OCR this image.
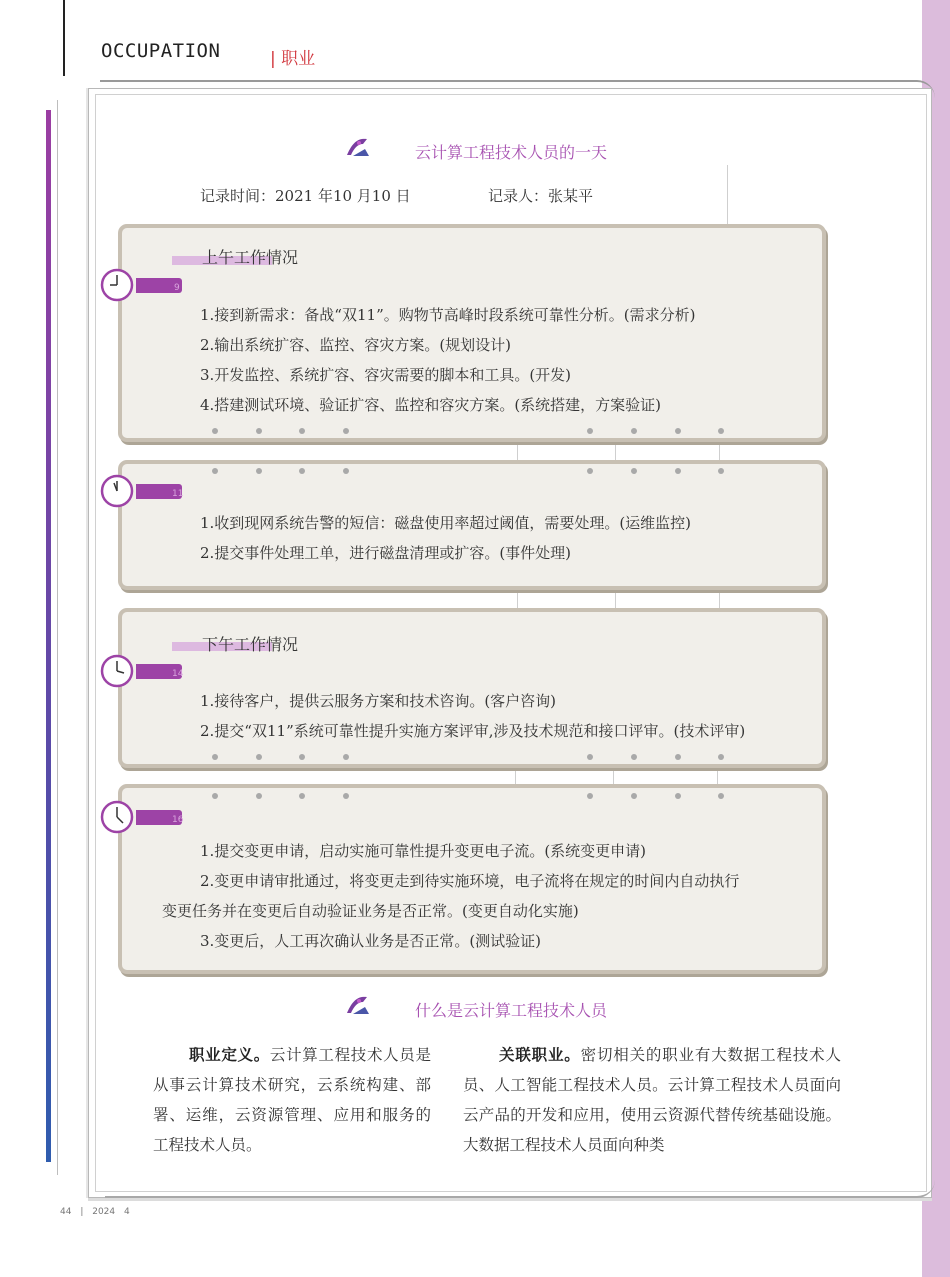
OCCUPATION	| 职业
云计算工程技术人员的一天
记录时间：2021 年10 月10 日	记录人：张某平
上午工作情况
1.接到新需求：备战“双11”。购物节高峰时段系统可靠性分析。(需求分析)
2.输出系统扩容、监控、容灾方案。(规划设计)
3.开发监控、系统扩容、容灾需要的脚本和工具。(开发)
4.搭建测试环境、验证扩容、监控和容灾方案。(系统搭建，方案验证)
1.收到现网系统告警的短信：磁盘使用率超过阈值，需要处理。(运维监控)
2.提交事件处理工单，进行磁盘清理或扩容。(事件处理)
下午工作情况
1.接待客户，提供云服务方案和技术咨询。(客户咨询)
2.提交“双11”系统可靠性提升实施方案评审,涉及技术规范和接口评审。(技术评审)
1.提交变更申请，启动实施可靠性提升变更电子流。(系统变更申请)
2.变更申请审批通过，将变更走到待实施环境，电子流将在规定的时间内自动执行
变更任务并在变更后自动验证业务是否正常。(变更自动化实施)
3.变更后，人工再次确认业务是否正常。(测试验证)
9
11
14
16
什么是云计算工程技术人员
职业定义。云计算工程技术人员是从事云计算技术研究，云系统构建、部署、运维，云资源管理、应用和服务的工程技术人员。
关联职业。密切相关的职业有大数据工程技术人员、人工智能工程技术人员。云计算工程技术人员面向云产品的开发和应用，使用云资源代替传统基础设施。大数据工程技术人员面向种类
44 | 2024 4
